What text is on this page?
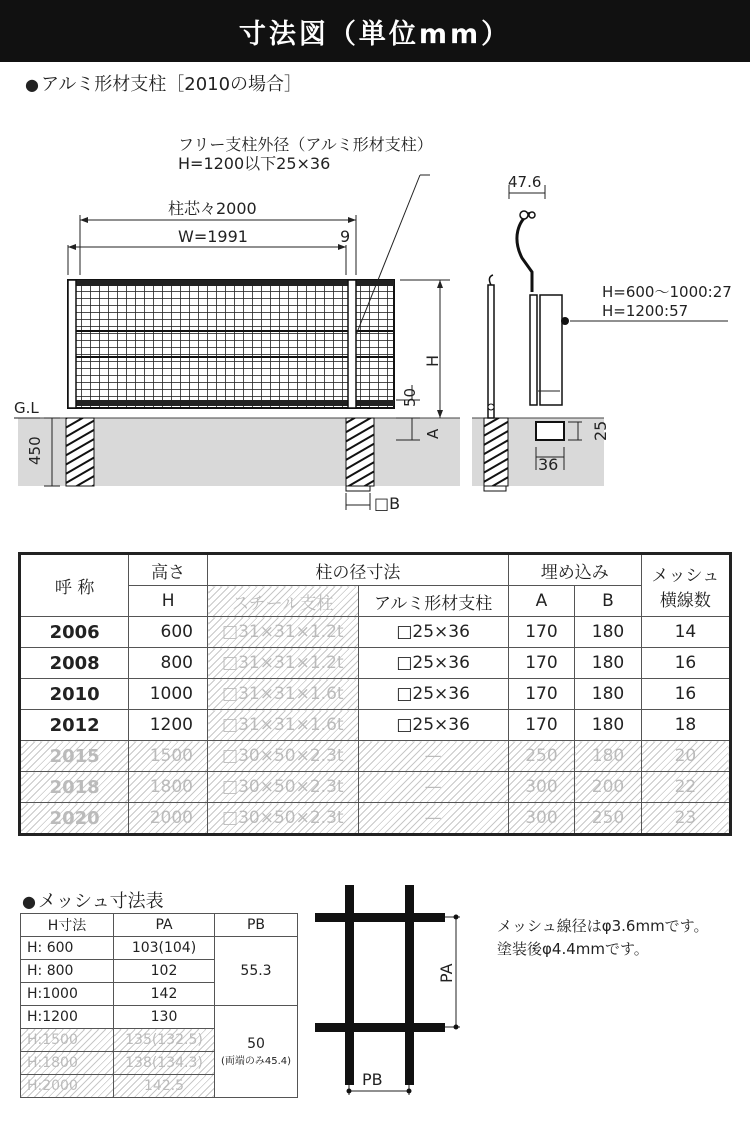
寸法図（単位mm）
● アルミ形材支柱［2010の場合］
G.L
450
□B
柱芯々2000
W=1991	9
フリー支柱外径（アルミ形材支柱）
H=1200以下25×36
H
50
A
47.6
H=600〜1000:27
H=1200:57
25
36
呼 称	高さ	柱の径寸法		埋め込み		メッシュ
横線数
	H	スチール支柱	アルミ形材支柱	A	B	
2006	600	□31×31×1.2t	□25×36	170	180	14
2008	800	□31×31×1.2t	□25×36	170	180	16
2010	1000	□31×31×1.6t	□25×36	170	180	16
2012	1200	□31×31×1.6t	□25×36	170	180	18
2015	1500	□30×50×2.3t	—	250	180	20
2018	1800	□30×50×2.3t	—	300	200	22
2020	2000	□30×50×2.3t	—	300	250	23
● メッシュ寸法表
H寸法	PA	PB
H: 600	103(104)	55.3
H: 800	102	
H:1000	142	
H:1200	130	50
(両端のみ45.4)

H:1500	135(132.5)	
H:1800	138(134.3)	
H:2000	142.5	
PA
PB
メッシュ線径はφ3.6mmです。
塗装後φ4.4mmです。
